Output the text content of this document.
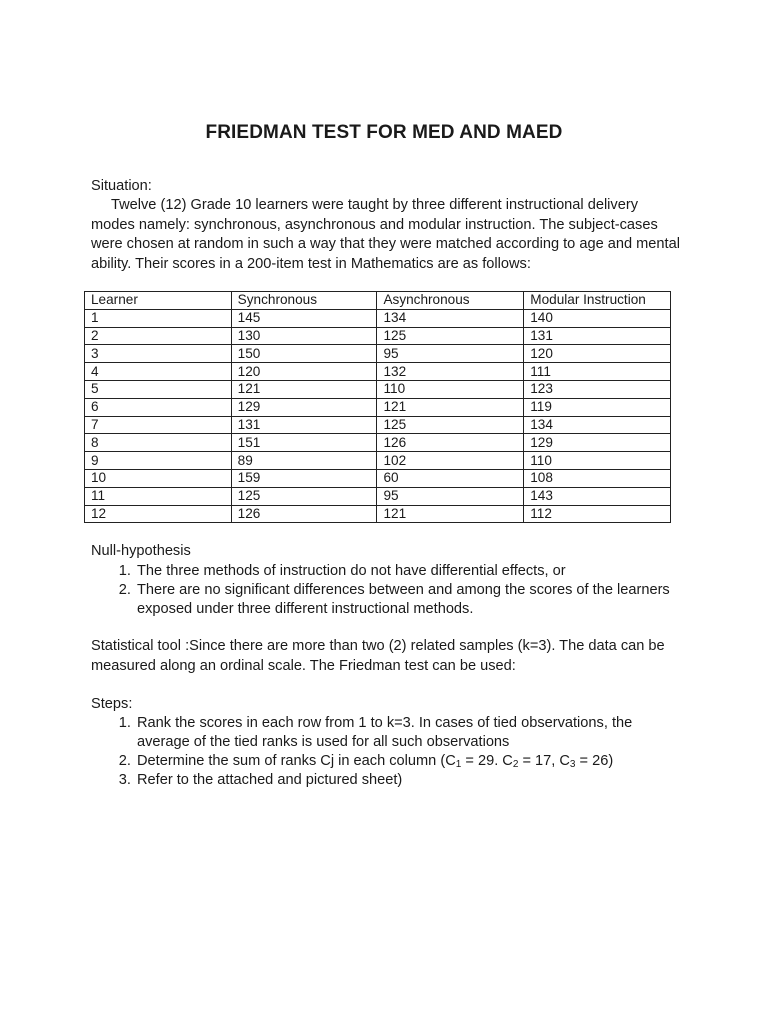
FRIEDMAN TEST FOR MED AND MAED
Situation:
Twelve (12) Grade 10 learners were taught by three different instructional delivery modes namely: synchronous, asynchronous and modular instruction. The subject-cases were chosen at random in such a way that they were matched according to age and mental ability. Their scores in a 200-item test in Mathematics are as follows:
Learner	Synchronous	Asynchronous	Modular Instruction
1	145	134	140
2	130	125	131
3	150	95	120
4	120	132	111
5	121	110	123
6	129	121	119
7	131	125	134
8	151	126	129
9	89	102	110
10	159	60	108
11	125	95	143
12	126	121	112
Null-hypothesis
1. The three methods of instruction do not have differential effects, or
2. There are no significant differences between and among the scores of the learners exposed under three different instructional methods.
Statistical tool :Since there are more than two (2) related samples (k=3). The data can be measured along an ordinal scale. The Friedman test can be used:
Steps:
1. Rank the scores in each row from 1 to k=3. In cases of tied observations, the average of the tied ranks is used for all such observations
2. Determine the sum of ranks Cj in each column ($C_1 = 29$. $C_2 = 17$, $C_3 = 26$)
3. Refer to the attached and pictured sheet)
